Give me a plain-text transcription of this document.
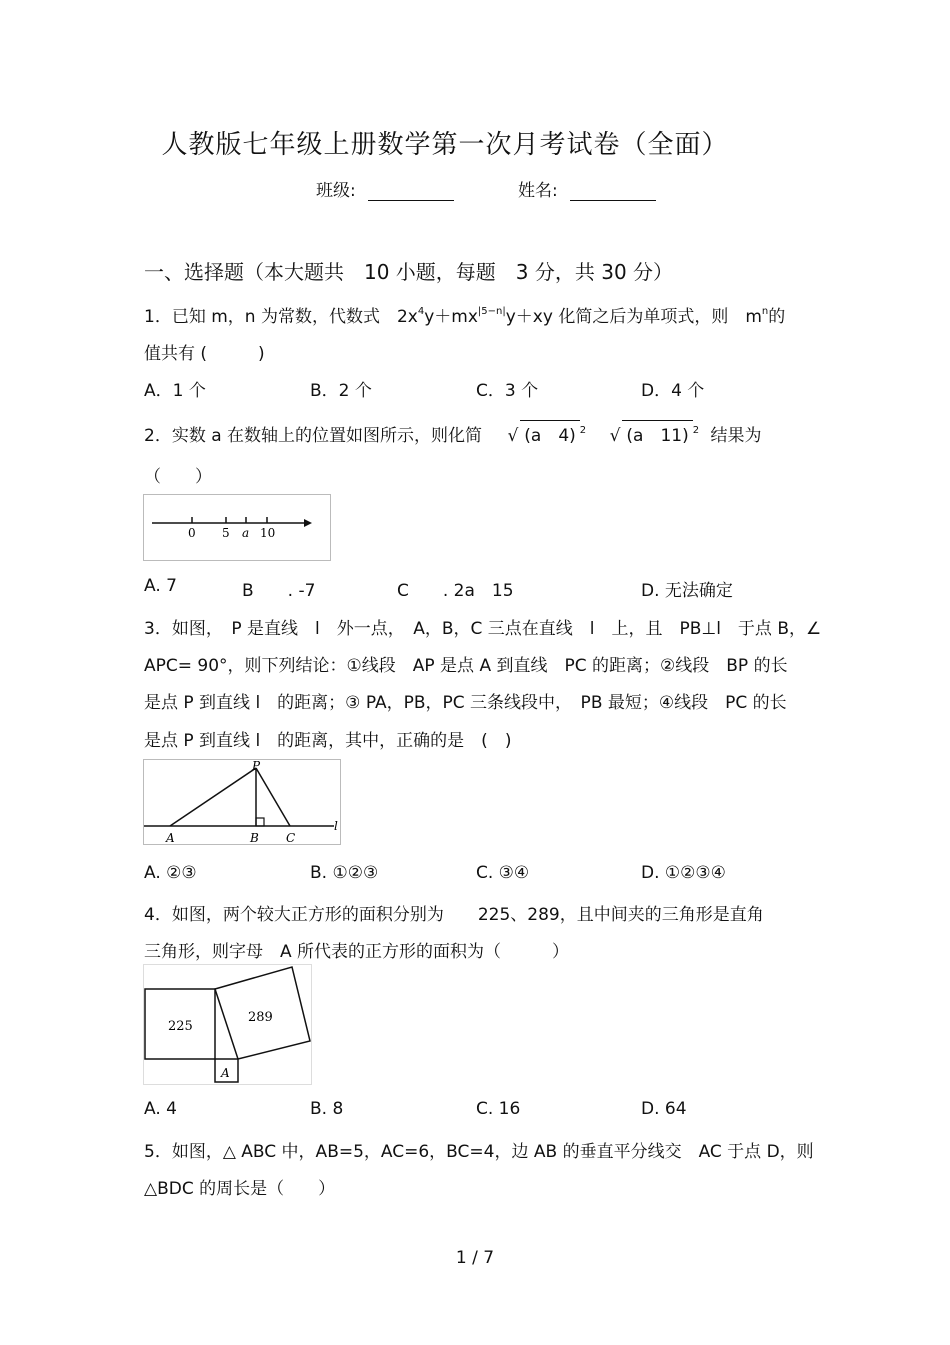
人教版七年级上册数学第一次月考试卷（全面）
班级:	姓名:
一、选择题（本大题共　10 小题，每题　3 分，共 30 分）
1．已知 m，n 为常数，代数式　$2x^4y+mx^{|5-n|}y+xy$ 化简之后为单项式，则　$m^n$的
值共有 (　　　)
A．1 个	B．2 个	C．3 个	D．4 个
2．实数 a 在数轴上的位置如图所示，则化简 √ (a　4) $^2$ √ (a　11) $^2$ 结果为
（　　）
0 5 a 10
A. 7	B　　. -7	C　　. 2a　15	D. 无法确定
3．如图，　P 是直线　l　外一点，　A，B，C 三点在直线　l　上，且　PB⊥l　于点 B，∠
APC= 90°，则下列结论：①线段　AP 是点 A 到直线　PC 的距离；②线段　BP 的长
是点 P 到直线 l　的距离；③ PA，PB，PC 三条线段中，　PB 最短；④线段　PC 的长
是点 P 到直线 l　的距离，其中，正确的是　(　)
P
A	B C
l
A. ②③	B. ①②③	C. ③④	D. ①②③④
4．如图，两个较大正方形的面积分别为　　225、289，且中间夹的三角形是直角
三角形，则字母　A 所代表的正方形的面积为（　　　）
225
289
A
A. 4	B. 8	C. 16	D. 64
5．如图，△ ABC 中，AB=5，AC=6，BC=4，边 AB 的垂直平分线交　AC 于点 D，则
△BDC 的周长是（　　）
1 / 7
